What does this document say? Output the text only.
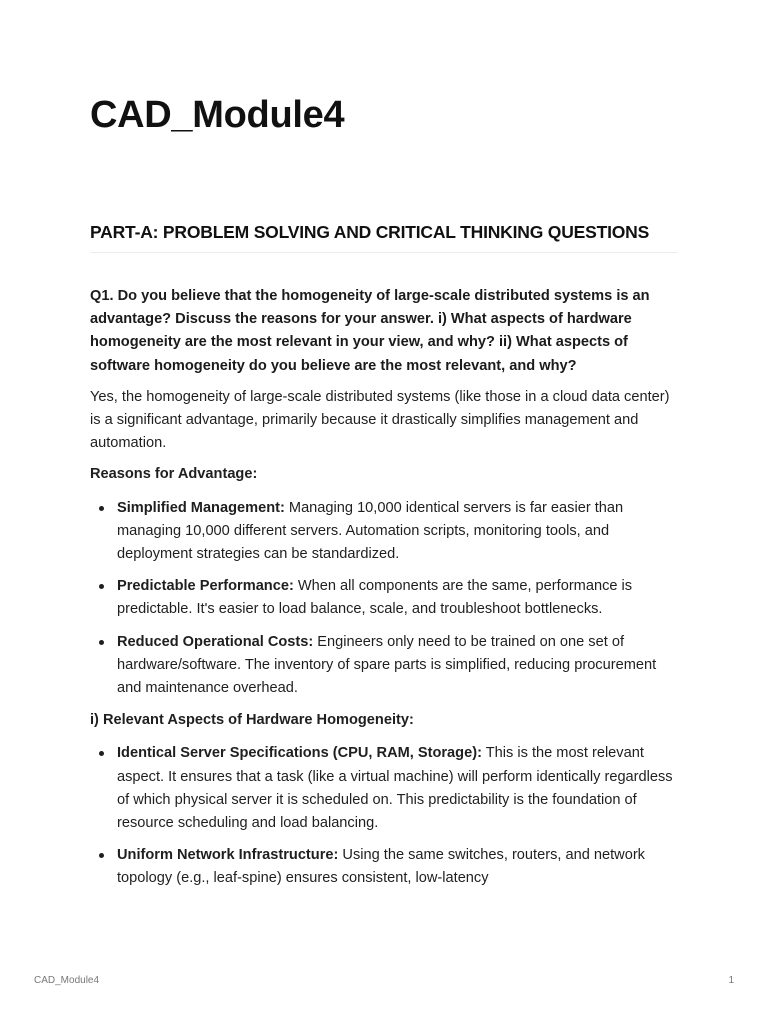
CAD_Module4
PART-A: PROBLEM SOLVING AND CRITICAL THINKING QUESTIONS

Q1. Do you believe that the homogeneity of large-scale distributed systems is an advantage? Discuss the reasons for your answer. i) What aspects of hardware homogeneity are the most relevant in your view, and why? ii) What aspects of software homogeneity do you believe are the most relevant, and why?

Yes, the homogeneity of large-scale distributed systems (like those in a cloud data center) is a significant advantage, primarily because it drastically simplifies management and automation.

Reasons for Advantage:

Simplified Management: Managing 10,000 identical servers is far easier than managing 10,000 different servers. Automation scripts, monitoring tools, and deployment strategies can be standardized.
Predictable Performance: When all components are the same, performance is predictable. It's easier to load balance, scale, and troubleshoot bottlenecks.
Reduced Operational Costs: Engineers only need to be trained on one set of hardware/software. The inventory of spare parts is simplified, reducing procurement and maintenance overhead.

i) Relevant Aspects of Hardware Homogeneity:

Identical Server Specifications (CPU, RAM, Storage): This is the most relevant aspect. It ensures that a task (like a virtual machine) will perform identically regardless of which physical server it is scheduled on. This predictability is the foundation of resource scheduling and load balancing.
Uniform Network Infrastructure: Using the same switches, routers, and network topology (e.g., leaf-spine) ensures consistent, low-latency
CAD_Module4	1
